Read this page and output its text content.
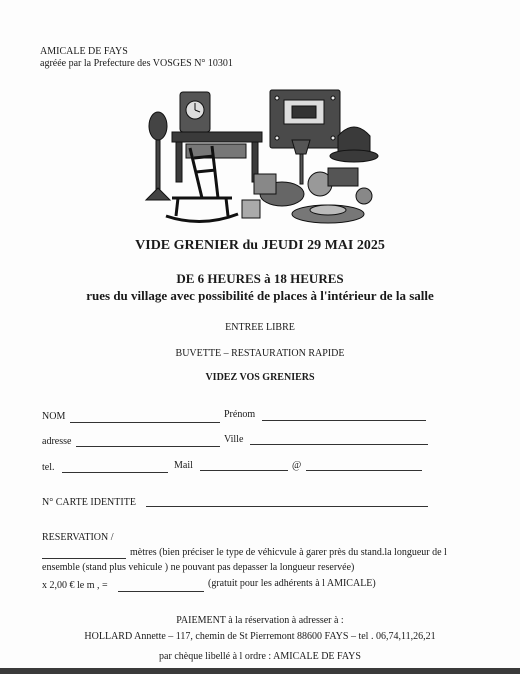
AMICALE DE FAYS
agréée par la Prefecture des VOSGES N° 10301
VIDE GRENIER du JEUDI 29 MAI 2025
DE 6 HEURES à 18 HEURES
rues du village avec possibilité de places à l'intérieur de la salle
ENTREE LIBRE
BUVETTE – RESTAURATION RAPIDE
VIDEZ VOS GRENIERS
NOM	Prénom
adresse	Ville
tel.	Mail	@
N° CARTE IDENTITE
RESERVATION /
mètres (bien préciser le type de véhicvule à garer près du stand.la longueur de l
ensemble (stand plus vehicule ) ne pouvant pas depasser la longueur reservée)
x 2,00 € le m , =	(gratuit pour les adhérents à l AMICALE)
PAIEMENT à la réservation à adresser à :
HOLLARD Annette – 117, chemin de St Pierremont 88600 FAYS – tel . 06,74,11,26,21
par chèque libellé à l ordre : AMICALE DE FAYS
